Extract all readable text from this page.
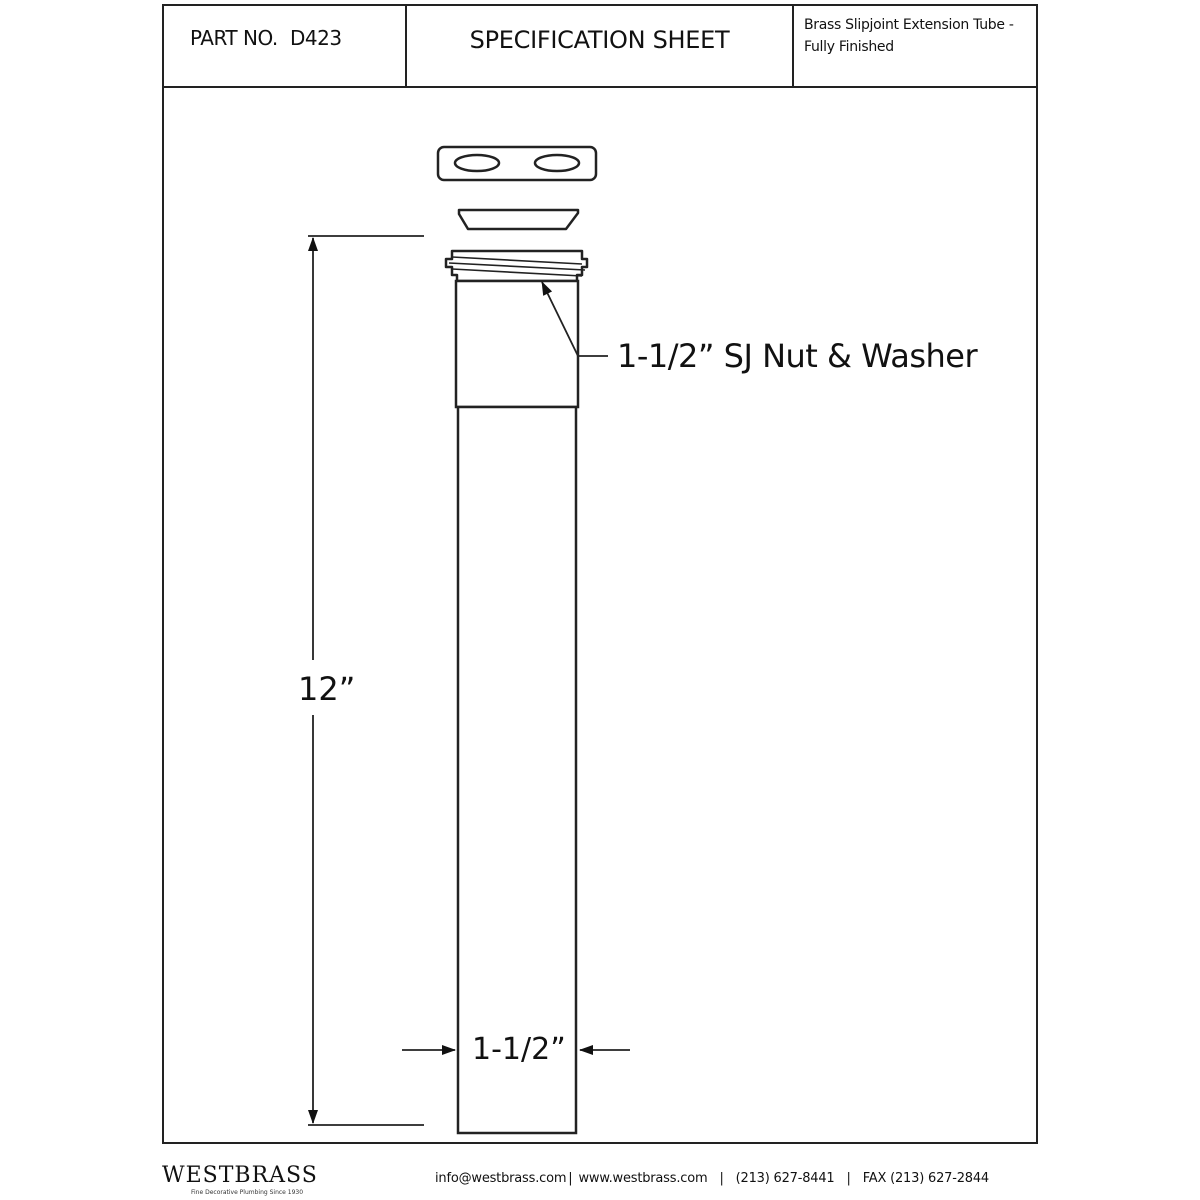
PART NO. D423	SPECIFICATION SHEET
Brass Slipjoint Extension Tube -
Fully Finished
1-1/2” SJ Nut & Washer
12”
1-1/2”
WESTBRASS
Fine Decorative Plumbing Since 1930
info@westbrass.com | www.westbrass.com | (213) 627-8441 | FAX (213) 627-2844
